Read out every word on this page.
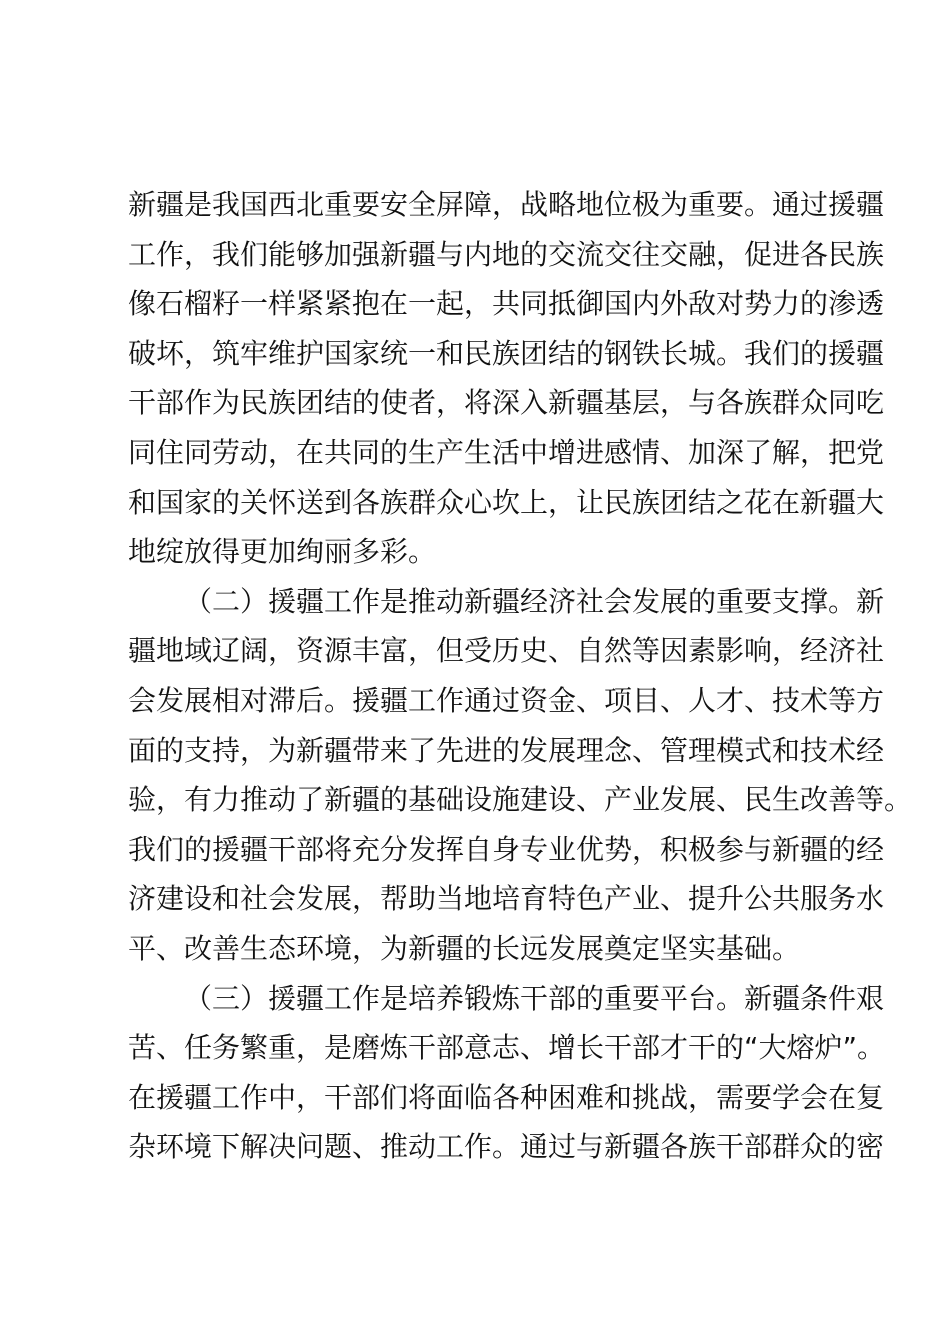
新疆是我国西北重要安全屏障，战略地位极为重要。通过援疆
工作，我们能够加强新疆与内地的交流交往交融，促进各民族
像石榴籽一样紧紧抱在一起，共同抵御国内外敌对势力的渗透
破坏，筑牢维护国家统一和民族团结的钢铁长城。我们的援疆
干部作为民族团结的使者，将深入新疆基层，与各族群众同吃
同住同劳动，在共同的生产生活中增进感情、加深了解，把党
和国家的关怀送到各族群众心坎上，让民族团结之花在新疆大
地绽放得更加绚丽多彩。
（二）援疆工作是推动新疆经济社会发展的重要支撑。新
疆地域辽阔，资源丰富，但受历史、自然等因素影响，经济社
会发展相对滞后。援疆工作通过资金、项目、人才、技术等方
面的支持，为新疆带来了先进的发展理念、管理模式和技术经
验，有力推动了新疆的基础设施建设、产业发展、民生改善等。
我们的援疆干部将充分发挥自身专业优势，积极参与新疆的经
济建设和社会发展，帮助当地培育特色产业、提升公共服务水
平、改善生态环境，为新疆的长远发展奠定坚实基础。
（三）援疆工作是培养锻炼干部的重要平台。新疆条件艰
苦、任务繁重，是磨炼干部意志、增长干部才干的“大熔炉”。
在援疆工作中，干部们将面临各种困难和挑战，需要学会在复
杂环境下解决问题、推动工作。通过与新疆各族干部群众的密
